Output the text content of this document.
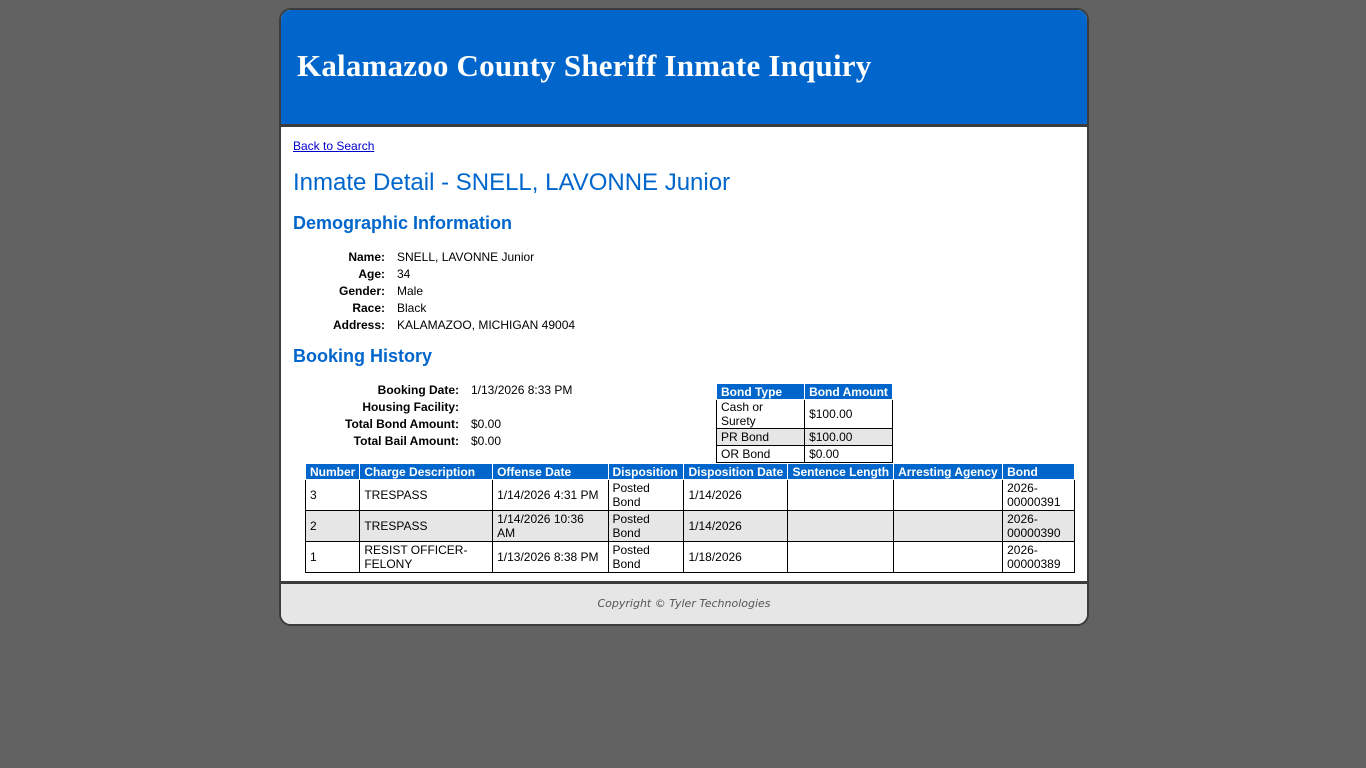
Kalamazoo County Sheriff Inmate Inquiry
Back to Search
Inmate Detail - SNELL, LAVONNE Junior
Demographic Information
Name:	SNELL, LAVONNE Junior
Age:	34
Gender:	Male
Race:	Black
Address:	KALAMAZOO, MICHIGAN 49004
Booking History
Booking Date:	1/13/2026 8:33 PM
Housing Facility:	
Total Bond Amount:	$0.00
Total Bail Amount:	$0.00
Bond Type	Bond Amount
Cash or Surety	$100.00
PR Bond	$100.00
OR Bond	$0.00
Number	Charge Description	Offense Date	Disposition	Disposition Date	Sentence Length	Arresting Agency	Bond
3	TRESPASS	1/14/2026 4:31 PM	Posted Bond	1/14/2026			2026-00000391
2	TRESPASS	1/14/2026 10:36 AM	Posted Bond	1/14/2026			2026-00000390
1	RESIST OFFICER-FELONY	1/13/2026 8:38 PM	Posted Bond	1/18/2026			2026-00000389
Copyright © Tyler Technologies
